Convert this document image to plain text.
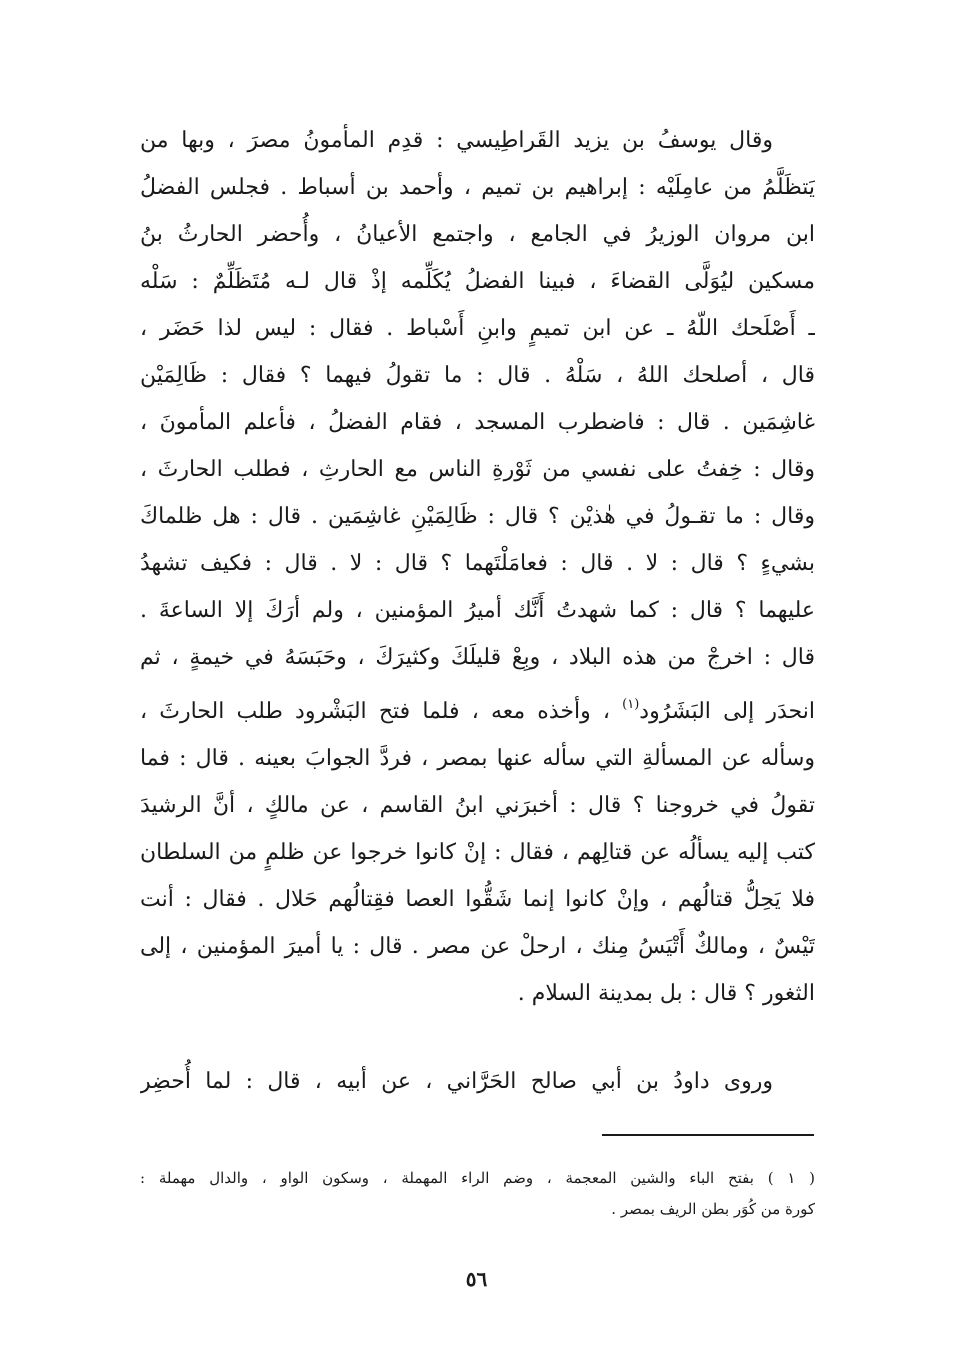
وقال يوسفُ بن يزيد القَراطِيسي : قدِم المأمونُ مصرَ ، وبها من
يَتظَلَّمُ من عامِلَيْه : إبراهيم بن تميم ، وأحمد بن أسباط . فجلس الفضلُ
ابن مروان الوزيرُ في الجامع ، واجتمع الأعيانُ ، وأُحضر الحارثُ بنُ
مسكين ليُوَلَّى القضاءَ ، فبينا الفضلُ يُكَلِّمه إذْ قال لـه مُتَظَلِّمٌ : سَلْه
ـ أَصْلَحك اللّهُ ـ عن ابن تميمٍ وابنِ أَسْباط . فقال : ليس لذا حَضَر ،
قال ، أصلحك اللهُ ، سَلْهُ . قال : ما تقولُ فيهما ؟ فقال : ظَالِمَيْن
غاشِمَين . قال : فاضطرب المسجد ، فقام الفضلُ ، فأعلم المأمونَ ،
وقال : خِفتُ على نفسي من ثَوْرةِ الناس مع الحارثِ ، فطلب الحارثَ ،
وقال : ما تقـولُ في هٰذيْن ؟ قال : ظَالِمَيْنِ غاشِمَين . قال : هل ظلماكَ
بشيءٍ ؟ قال : لا . قال : فعامَلْتَهما ؟ قال : لا . قال : فكيف تشهدُ
عليهما ؟ قال : كما شهدتُ أَنَّك أميرُ المؤمنين ، ولم أرَكَ إلا الساعةَ .
قال : اخرجْ من هذه البلاد ، وبِعْ قليلَكَ وكثيرَكَ ، وحَبَسَهُ في خيمةٍ ، ثم
انحدَر إلى البَشَرُود$^{(١)}$ ، وأخذه معه ، فلما فتح البَشْرود طلب الحارثَ ،
وسأله عن المسألةِ التي سأله عنها بمصر ، فردَّ الجوابَ بعينه . قال : فما
تقولُ في خروجنا ؟ قال : أخبرَني ابنُ القاسم ، عن مالكٍ ، أنَّ الرشيدَ
كتب إليه يسألُه عن قتالِهم ، فقال : إنْ كانوا خرجوا عن ظلمٍ من السلطان
فلا يَحِلُّ قتالُهم ، وإنْ كانوا إنما شَقُّوا العصا فقِتالُهم حَلال . فقال : أنت
تَيْسٌ ، ومالكٌ أَتْيَسُ مِنك ، ارحلْ عن مصر . قال : يا أميرَ المؤمنين ، إلى
الثغور ؟ قال : بل بمدينة السلام .
وروى داودُ بن أبي صالح الحَرَّاني ، عن أبيه ، قال : لما أُحضِر
( ١ ) بفتح الباء والشين المعجمة ، وضم الراء المهملة ، وسكون الواو ، والدال مهملة :
كورة من كُوَر بطن الريف بمصر .
٥٦
